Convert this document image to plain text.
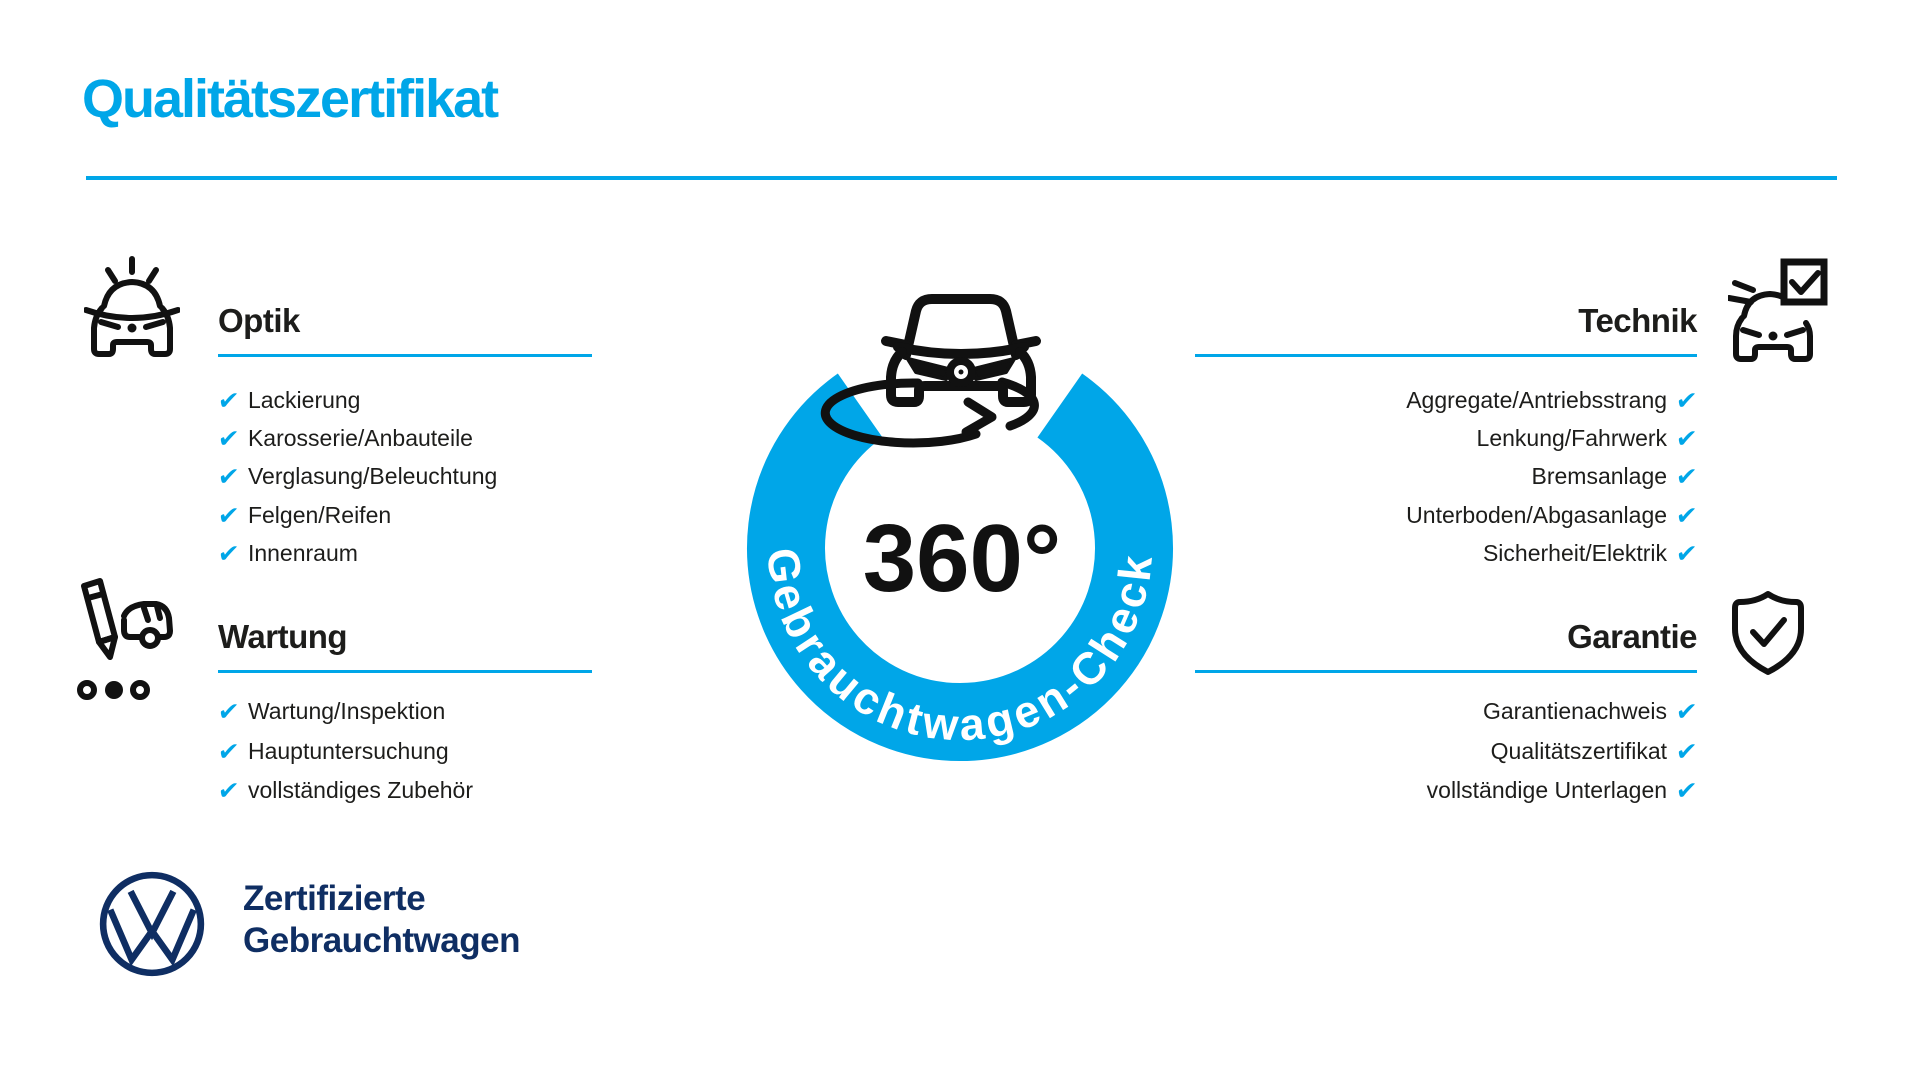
Qualitätszertifikat
Optik
✔ Lackierung
✔ Karosserie/Anbauteile
✔ Verglasung/Beleuchtung
✔ Felgen/Reifen
✔ Innenraum
Wartung
✔ Wartung/Inspektion
✔ Hauptuntersuchung
✔ vollständiges Zubehör
Zertifizierte
Gebrauchtwagen
Gebrauchtwagen-Check
360°
Technik
Aggregate/Antriebsstrang ✔
Lenkung/Fahrwerk ✔
Bremsanlage ✔
Unterboden/Abgasanlage ✔
Sicherheit/Elektrik ✔
Garantie
Garantienachweis ✔
Qualitätszertifikat ✔
vollständige Unterlagen ✔
